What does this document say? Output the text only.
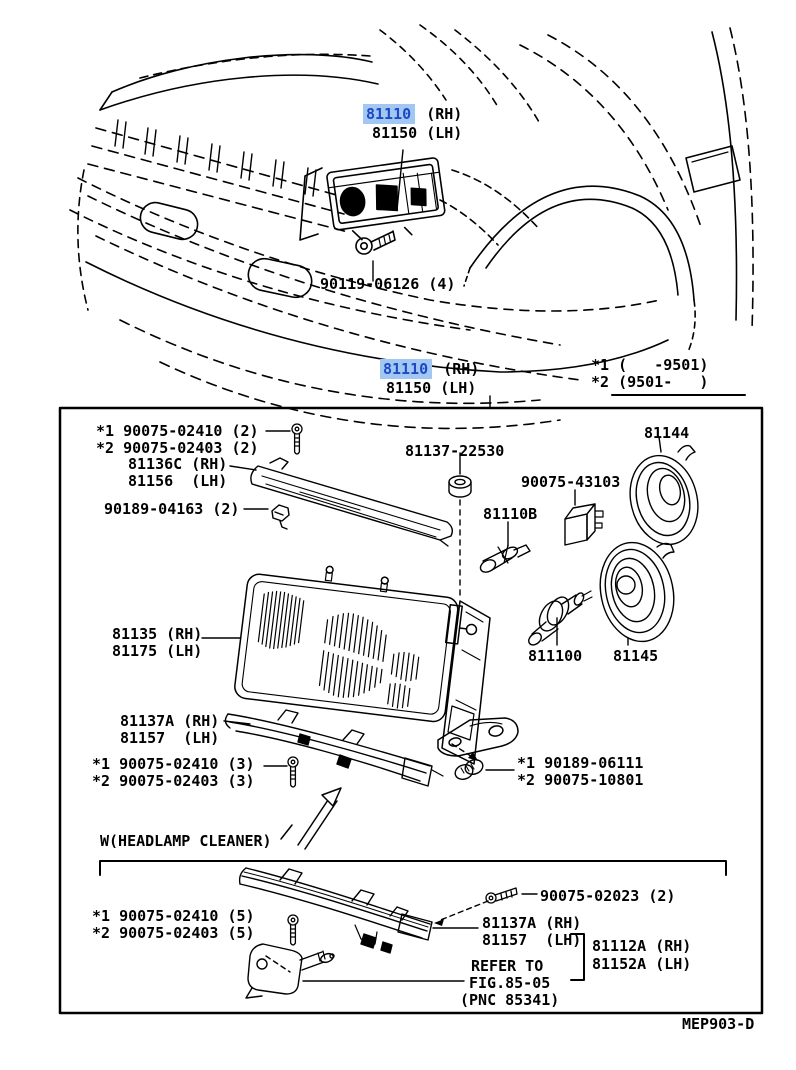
81110 (RH)
81150 (LH)
90119-06126 (4)
81110 (RH)
81150 (LH)
*1 (   -9501)
*2 (9501-   )
*1 90075-02410 (2)
*2 90075-02403 (2)
81136C (RH)
81156  (LH)
90189-04163 (2)
81137-22530
81144
90075-43103
81110B
81135 (RH)
81175 (LH)	811100 81145
81137A (RH)
81157  (LH)
*1 90075-02410 (3)
*2 90075-02403 (3)
*1 90189-06111
*2 90075-10801
W(HEADLAMP CLEANER)
*1 90075-02410 (5)
*2 90075-02403 (5)
90075-02023 (2)
81137A (RH)
81157  (LH) 81112A (RH)
81152A (LH)
REFER TO
FIG.85-05
(PNC 85341)
MEP903-D
